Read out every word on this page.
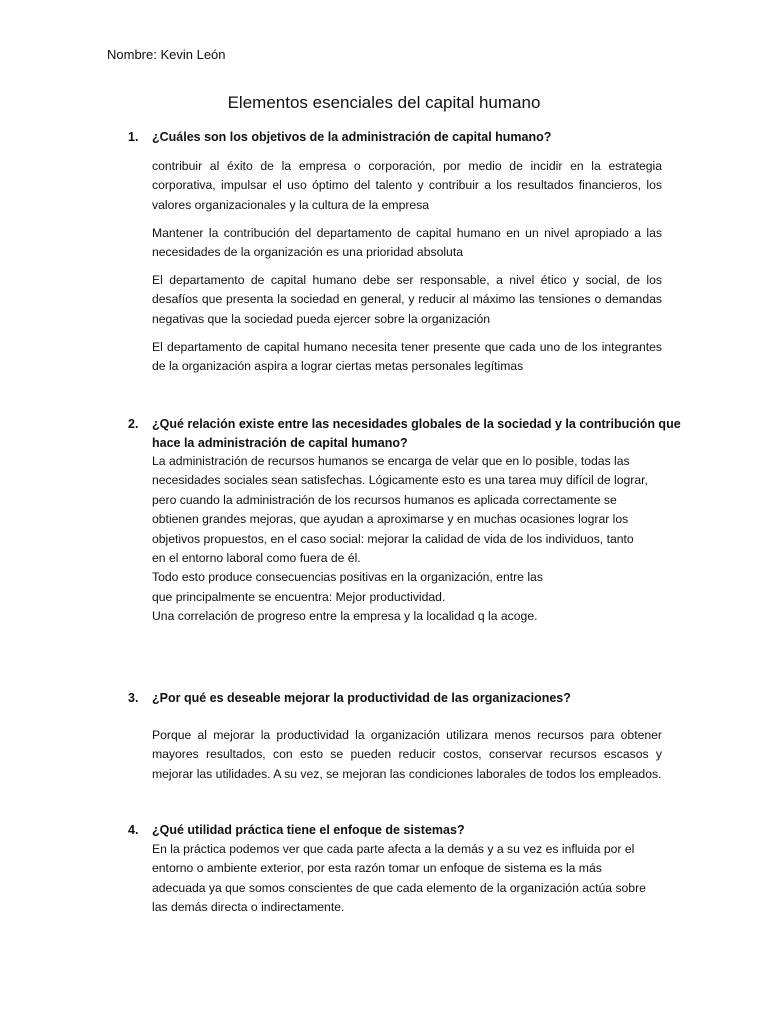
Nombre: Kevin León
Elementos esenciales del capital humano
1.	¿Cuáles son los objetivos de la administración de capital humano?

contribuir al éxito de la empresa o corporación, por medio de incidir en la estrategia corporativa, impulsar el uso óptimo del talento y contribuir a los resultados financieros, los valores organizacionales y la cultura de la empresa

Mantener la contribución del departamento de capital humano en un nivel apropiado a las necesidades de la organización es una prioridad absoluta

El departamento de capital humano debe ser responsable, a nivel ético y social, de los desafíos que presenta la sociedad en general, y reducir al máximo las tensiones o demandas negativas que la sociedad pueda ejercer sobre la organización

El departamento de capital humano necesita tener presente que cada uno de los integrantes de la organización aspira a lograr ciertas metas personales legítimas

2.	¿Qué relación existe entre las necesidades globales de la sociedad y la contribución que
hace la administración de capital humano?
La administración de recursos humanos se encarga de velar que en lo posible, todas las
necesidades sociales sean satisfechas. Lógicamente esto es una tarea muy difícil de lograr,
pero cuando la administración de los recursos humanos es aplicada correctamente se
obtienen grandes mejoras, que ayudan a aproximarse y en muchas ocasiones lograr los
objetivos propuestos, en el caso social: mejorar la calidad de vida de los individuos, tanto
en el entorno laboral como fuera de él.
Todo esto produce consecuencias positivas en la organización, entre las
que principalmente se encuentra: Mejor productividad.
Una correlación de progreso entre la empresa y la localidad q la acoge.
3.	¿Por qué es deseable mejorar la productividad de las organizaciones?

Porque al mejorar la productividad la organización utilizara menos recursos para obtener mayores resultados, con esto se pueden reducir costos, conservar recursos escasos y mejorar las utilidades. A su vez, se mejoran las condiciones laborales de todos los empleados.

4.	¿Qué utilidad práctica tiene el enfoque de sistemas?
En la práctica podemos ver que cada parte afecta a la demás y a su vez es influida por el
entorno o ambiente exterior, por esta razón tomar un enfoque de sistema es la más
adecuada ya que somos conscientes de que cada elemento de la organización actúa sobre
las demás directa o indirectamente.
